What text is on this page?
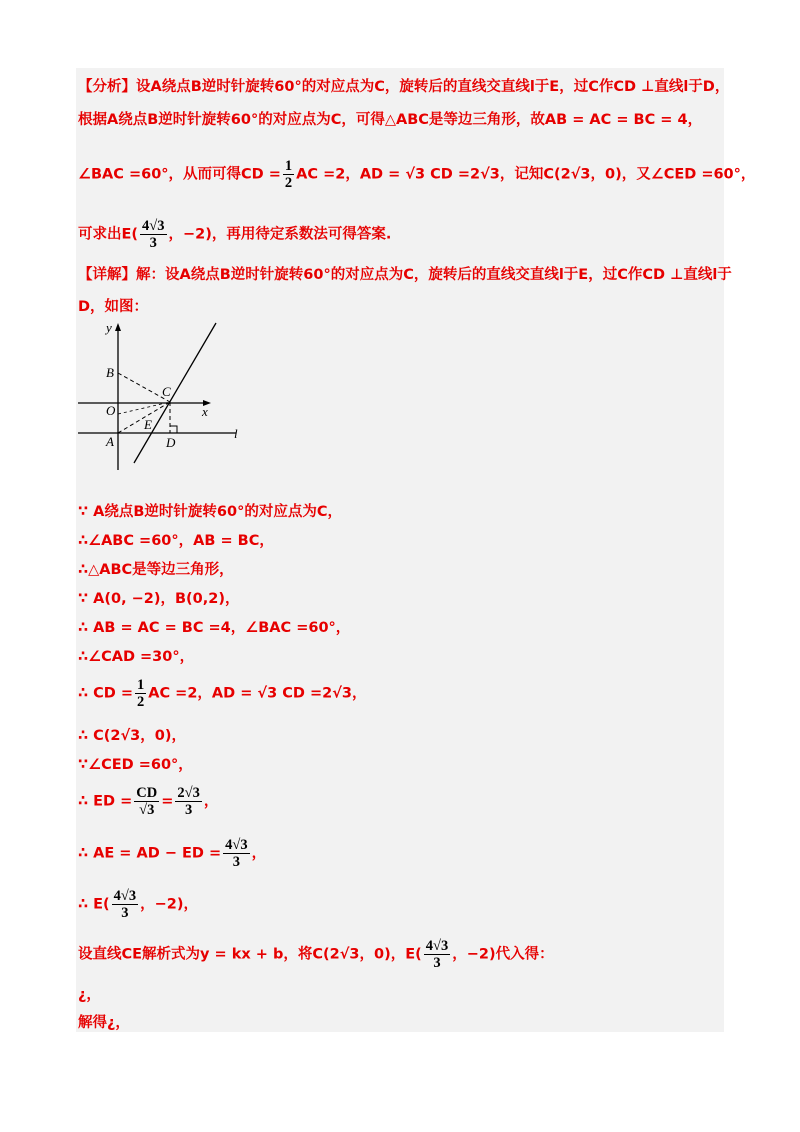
【分析】设A绕点B逆时针旋转60°的对应点为C，旋转后的直线交直线l于E，过C作CD ⊥直线l于D，
根据A绕点B逆时针旋转60°的对应点为C，可得△ABC是等边三角形，故AB = AC = BC = 4，
∠BAC =60°，从而可得CD = $\frac{1}{2}$ AC =2，AD = √3 CD =2√3，记知C(2√3，0)，又∠CED =60°，
可求出$E( \frac{4√3}{3}$ ，−2)，再用待定系数法可得答案.
【详解】解：设A绕点B逆时针旋转60°的对应点为C，旋转后的直线交直线l于E，过C作CD ⊥直线l于
D，如图：
y
x
l
B
C
O
E
A	D
∵ A绕点B逆时针旋转60°的对应点为C，
∴∠ABC =60°，AB = BC，
∴△ABC是等边三角形，
∵ A(0, −2)，B(0,2)，
∴ AB = AC = BC =4，∠BAC =60°，
∴∠CAD =30°，
∴ CD = $\frac{1}{2}$ AC =2，AD = √3 CD =2√3，
∴ C(2√3，0)，
∵∠CED =60°，
∴ ED = $\frac{CD}{√3} = \frac{2√3}{3}$ ，
∴ AE = AD − ED = $\frac{4√3}{3}$ ，
∴ $E( \frac{4√3}{3}$ ，−2)，
设直线CE解析式为y = kx + b，将C(2√3，0)，$E( \frac{4√3}{3}$ ，−2)代入得：
¿，
解得¿，
